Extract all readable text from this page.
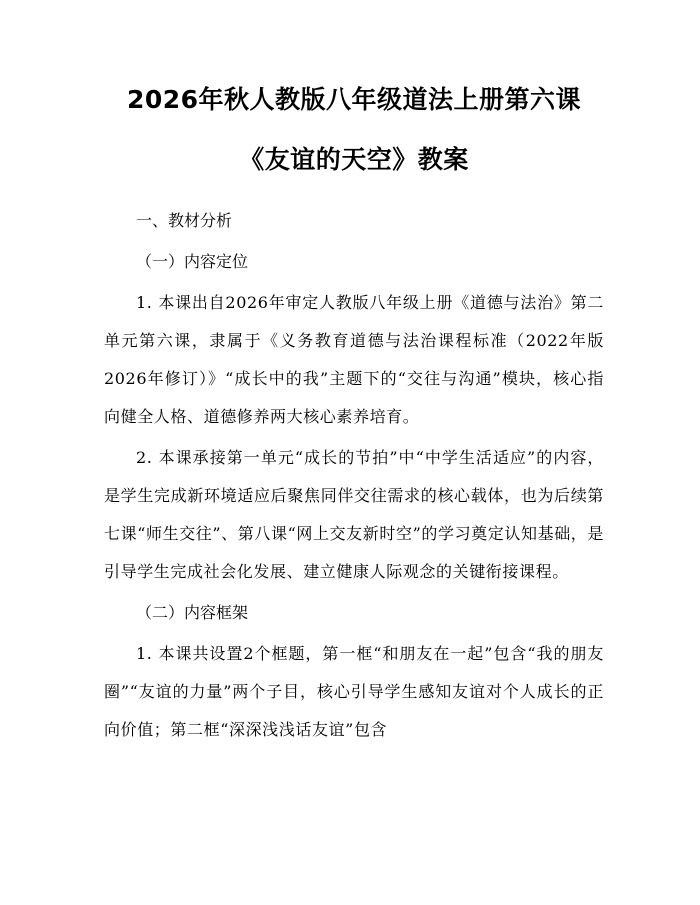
2026年秋人教版八年级道法上册第六课《友谊的天空》教案
一、教材分析
（一）内容定位

1. 本课出自2026年审定人教版八年级上册《道德与法治》第二单元第六课，隶属于《义务教育道德与法治课程标准（2022年版2026年修订）》“成长中的我”主题下的“交往与沟通”模块，核心指向健全人格、道德修养两大核心素养培育。

2. 本课承接第一单元“成长的节拍”中“中学生活适应”的内容，是学生完成新环境适应后聚焦同伴交往需求的核心载体，也为后续第七课“师生交往”、第八课“网上交友新时空”的学习奠定认知基础，是引导学生完成社会化发展、建立健康人际观念的关键衔接课程。

（二）内容框架

1. 本课共设置2个框题，第一框“和朋友在一起”包含“我的朋友圈”“友谊的力量”两个子目，核心引导学生感知友谊对个人成长的正向价值；第二框“深深浅浅话友谊”包含
